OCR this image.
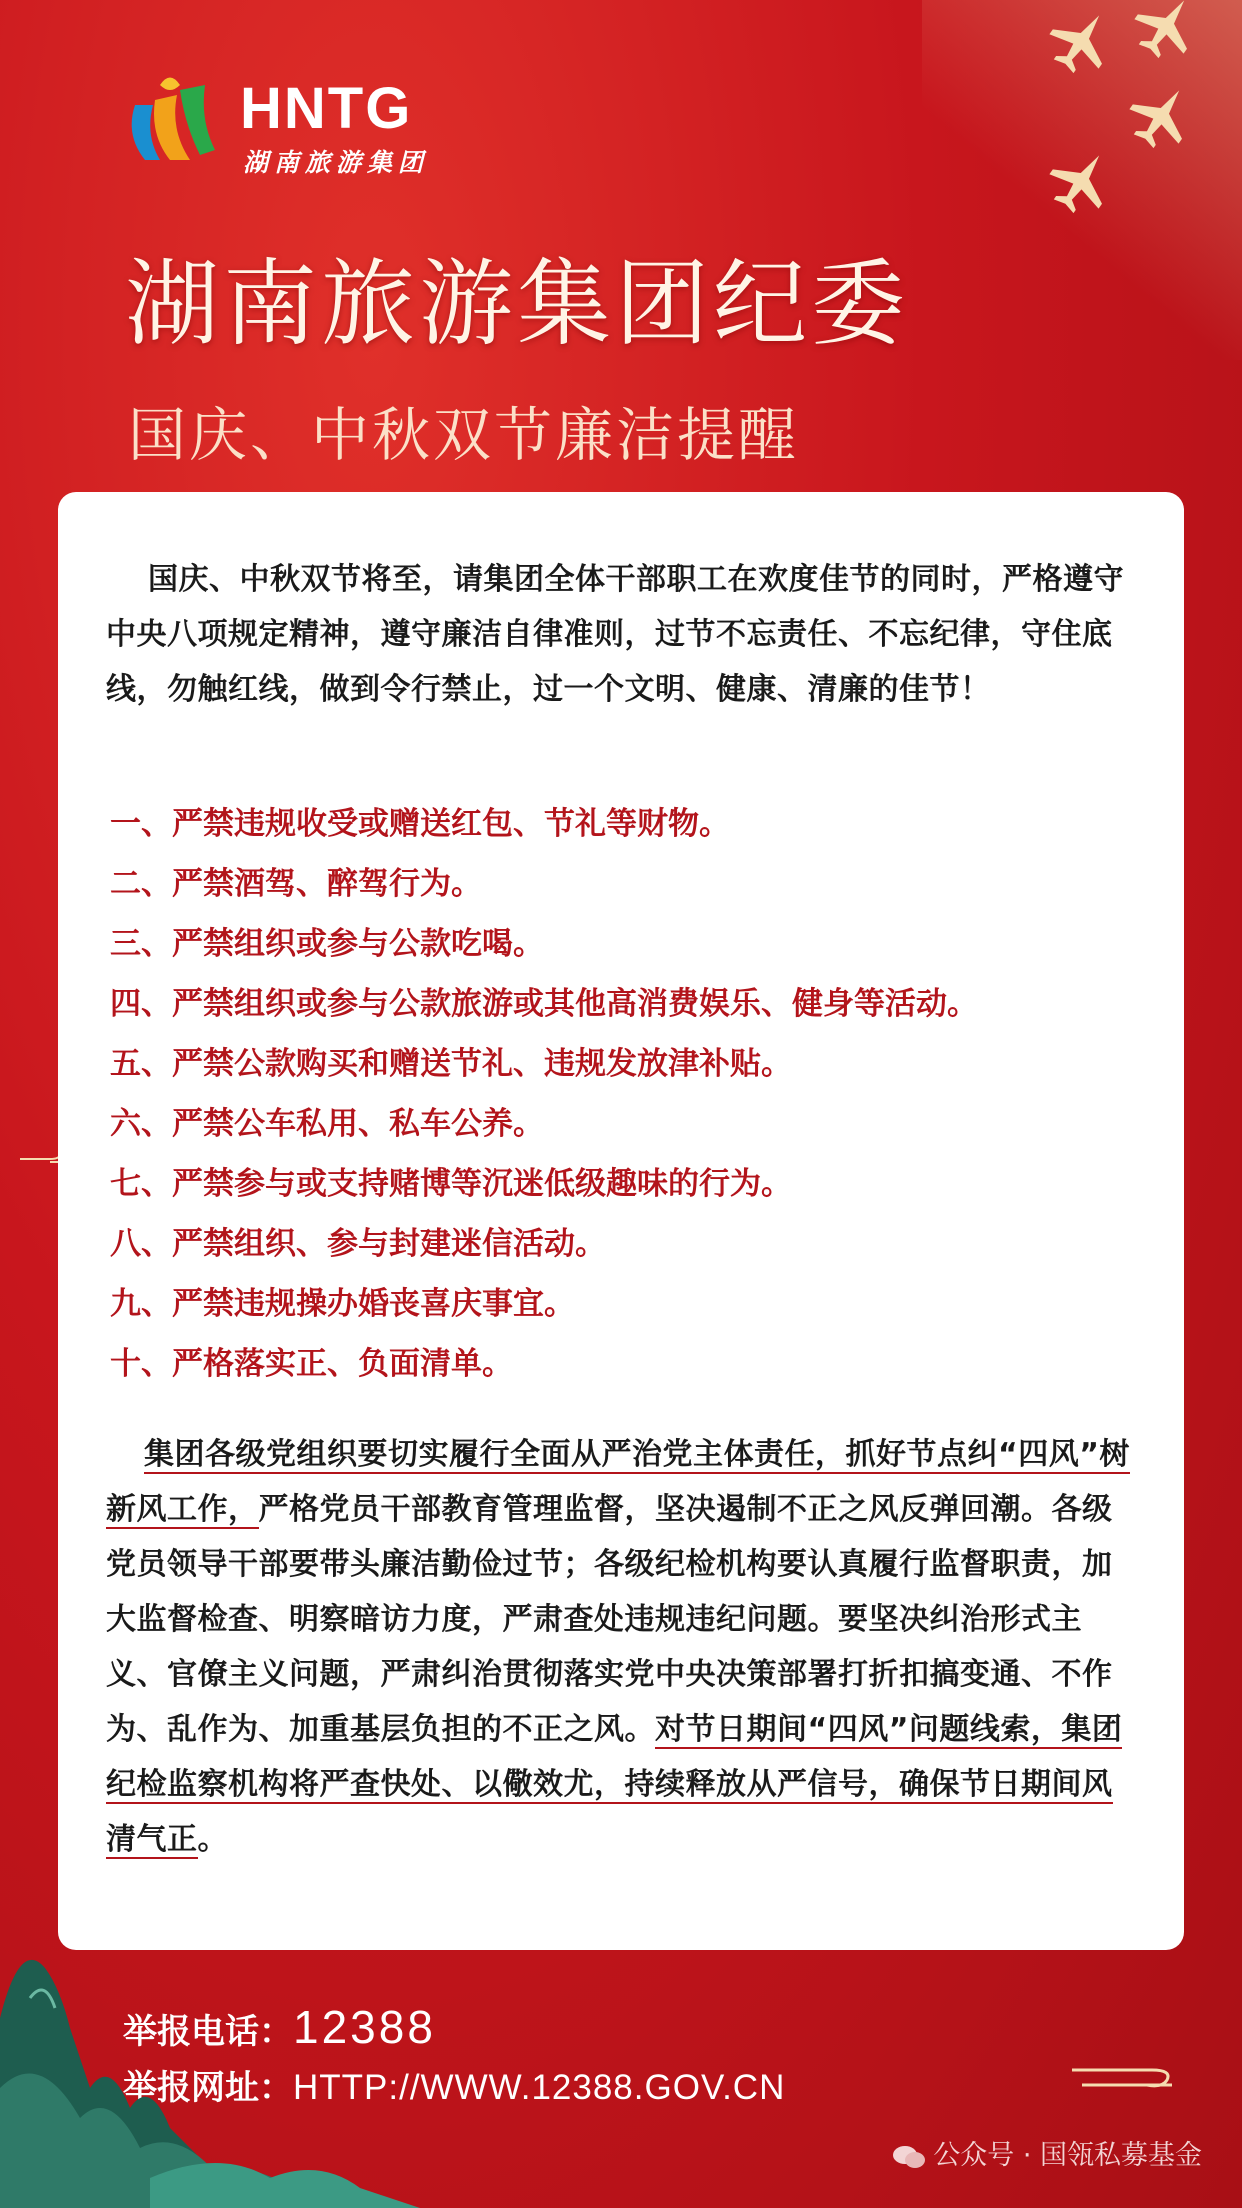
HNTG
湖南旅游集团
湖南旅游集团纪委
国庆、中秋双节廉洁提醒
国庆、中秋双节将至，请集团全体干部职工在欢度佳节的同时，严格遵守中央八项规定精神，遵守廉洁自律准则，过节不忘责任、不忘纪律，守住底线，勿触红线，做到令行禁止，过一个文明、健康、清廉的佳节！
一、严禁违规收受或赠送红包、节礼等财物。
二、严禁酒驾、醉驾行为。
三、严禁组织或参与公款吃喝。
四、严禁组织或参与公款旅游或其他高消费娱乐、健身等活动。
五、严禁公款购买和赠送节礼、违规发放津补贴。
六、严禁公车私用、私车公养。
七、严禁参与或支持赌博等沉迷低级趣味的行为。
八、严禁组织、参与封建迷信活动。
九、严禁违规操办婚丧喜庆事宜。
十、严格落实正、负面清单。
集团各级党组织要切实履行全面从严治党主体责任，抓好节点纠“四风”树新风工作，严格党员干部教育管理监督，坚决遏制不正之风反弹回潮。各级党员领导干部要带头廉洁勤俭过节；各级纪检机构要认真履行监督职责，加大监督检查、明察暗访力度，严肃查处违规违纪问题。要坚决纠治形式主义、官僚主义问题，严肃纠治贯彻落实党中央决策部署打折扣搞变通、不作为、乱作为、加重基层负担的不正之风。对节日期间“四风”问题线索，集团纪检监察机构将严查快处、以儆效尤，持续释放从严信号，确保节日期间风清气正。
举报电话：12388
举报网址：HTTP://WWW.12388.GOV.CN
公众号 · 国瓴私募基金
